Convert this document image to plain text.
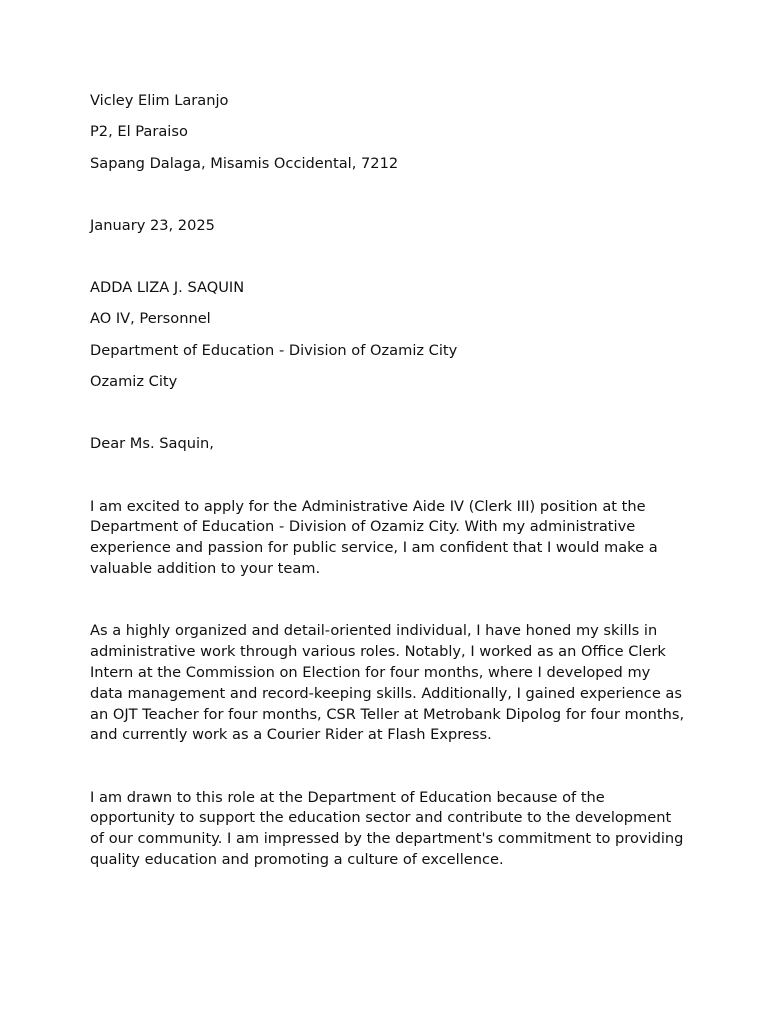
Vicley Elim Laranjo

P2, El Paraiso

Sapang Dalaga, Misamis Occidental, 7212

January 23, 2025

ADDA LIZA J. SAQUIN

AO IV, Personnel

Department of Education - Division of Ozamiz City

Ozamiz City

Dear Ms. Saquin,

I am excited to apply for the Administrative Aide IV (Clerk III) position at the Department of Education - Division of Ozamiz City. With my administrative experience and passion for public service, I am confident that I would make a valuable addition to your team.

As a highly organized and detail-oriented individual, I have honed my skills in administrative work through various roles. Notably, I worked as an Office Clerk Intern at the Commission on Election for four months, where I developed my data management and record-keeping skills. Additionally, I gained experience as an OJT Teacher for four months, CSR Teller at Metrobank Dipolog for four months, and currently work as a Courier Rider at Flash Express.

I am drawn to this role at the Department of Education because of the opportunity to support the education sector and contribute to the development of our community. I am impressed by the department's commitment to providing quality education and promoting a culture of excellence.
